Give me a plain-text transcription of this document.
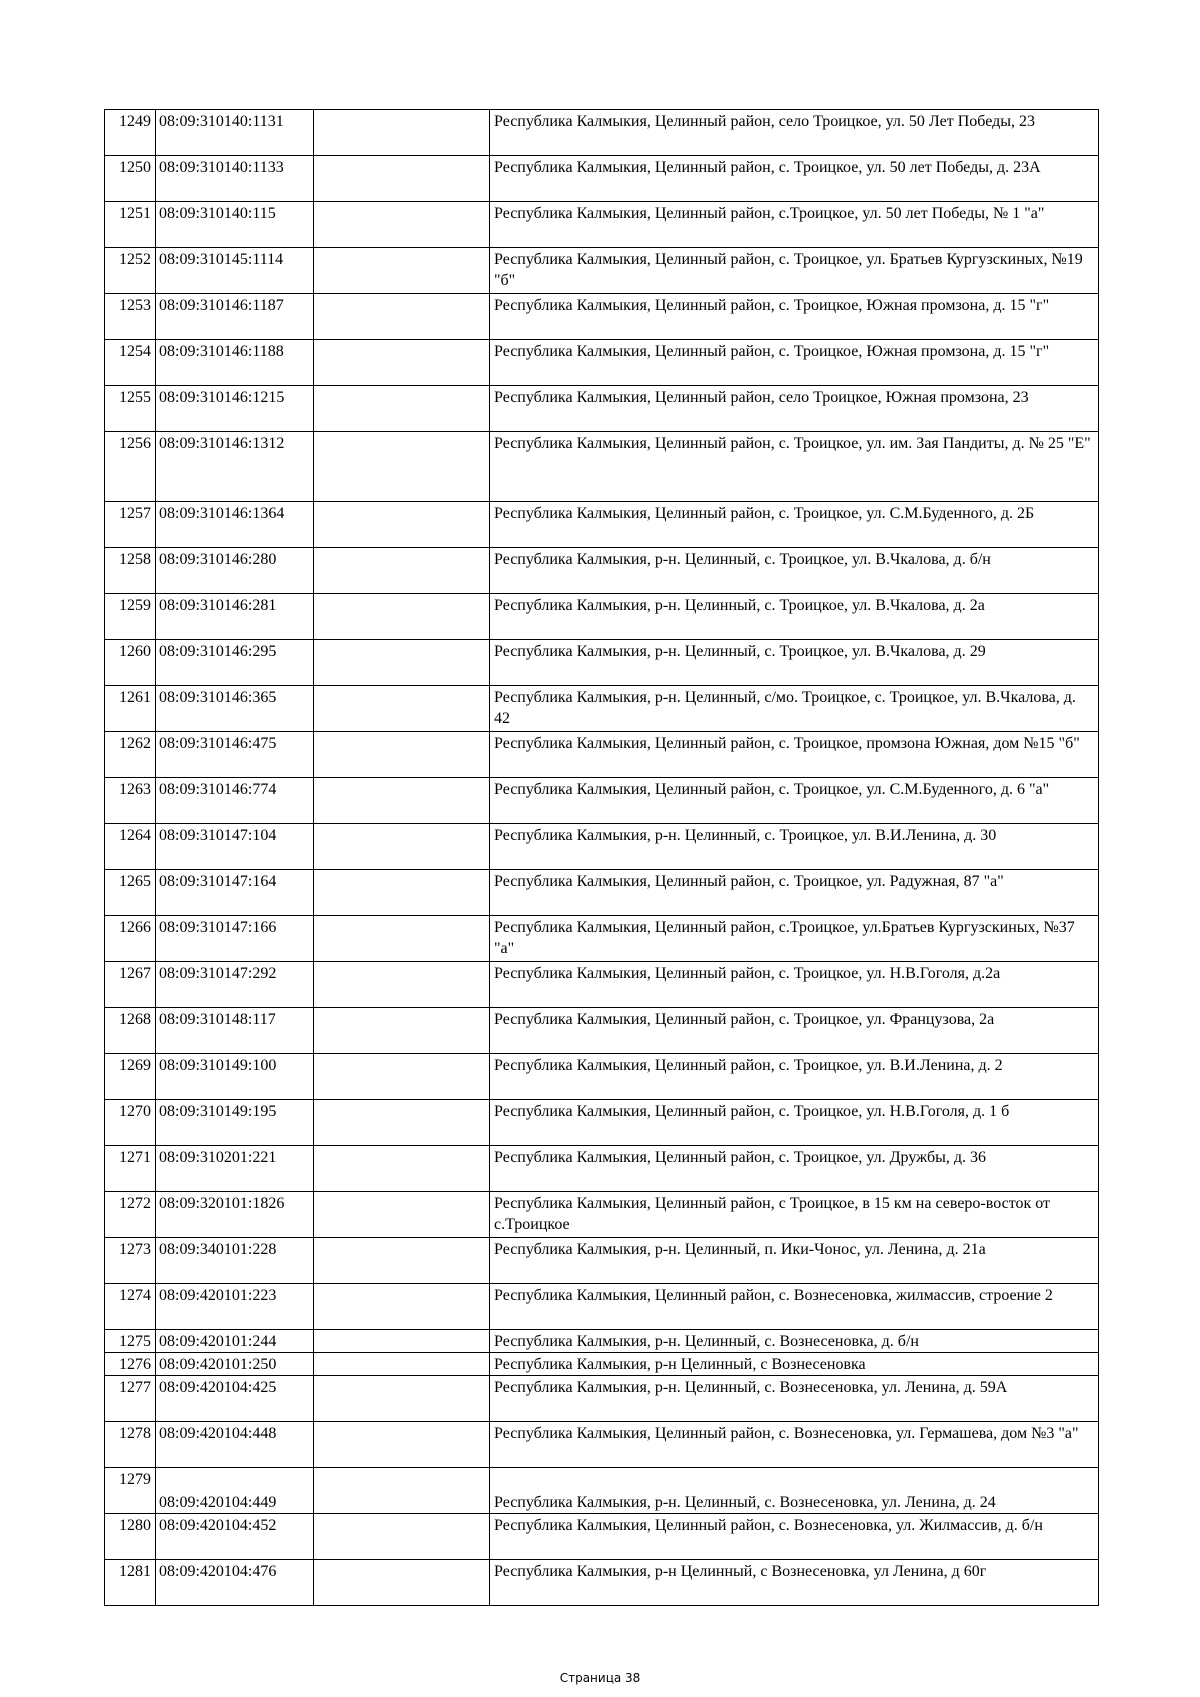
1249	08:09:310140:1131		Республика Калмыкия, Целинный район, село Троицкое, ул. 50 Лет Победы, 23
1250	08:09:310140:1133		Республика Калмыкия, Целинный район, с. Троицкое, ул. 50 лет Победы, д. 23А
1251	08:09:310140:115		Республика Калмыкия, Целинный район, с.Троицкое, ул. 50 лет Победы, № 1 "а"
1252	08:09:310145:1114		Республика Калмыкия, Целинный район, с. Троицкое, ул. Братьев Кургузскиных, №19 "б"
1253	08:09:310146:1187		Республика Калмыкия, Целинный район, с. Троицкое, Южная промзона, д. 15 "г"
1254	08:09:310146:1188		Республика Калмыкия, Целинный район, с. Троицкое, Южная промзона, д. 15 "г"
1255	08:09:310146:1215		Республика Калмыкия, Целинный район, село Троицкое, Южная промзона, 23
1256	08:09:310146:1312		Республика Калмыкия, Целинный район, с. Троицкое, ул. им. Зая Пандиты, д. № 25 "Е"
1257	08:09:310146:1364		Республика Калмыкия, Целинный район, с. Троицкое, ул. С.М.Буденного, д. 2Б
1258	08:09:310146:280		Республика Калмыкия, р-н. Целинный, с. Троицкое, ул. В.Чкалова, д. б/н
1259	08:09:310146:281		Республика Калмыкия, р-н. Целинный, с. Троицкое, ул. В.Чкалова, д. 2а
1260	08:09:310146:295		Республика Калмыкия, р-н. Целинный, с. Троицкое, ул. В.Чкалова, д. 29
1261	08:09:310146:365		Республика Калмыкия, р-н. Целинный, с/мо. Троицкое, с. Троицкое, ул. В.Чкалова, д. 42
1262	08:09:310146:475		Республика Калмыкия, Целинный район, с. Троицкое, промзона Южная, дом №15 "б"
1263	08:09:310146:774		Республика Калмыкия, Целинный район, с. Троицкое, ул. С.М.Буденного, д. 6 "а"
1264	08:09:310147:104		Республика Калмыкия, р-н. Целинный, с. Троицкое, ул. В.И.Ленина, д. 30
1265	08:09:310147:164		Республика Калмыкия, Целинный район, с. Троицкое, ул. Радужная, 87 "а"
1266	08:09:310147:166		Республика Калмыкия, Целинный район, с.Троицкое, ул.Братьев Кургузскиных, №37 "а"
1267	08:09:310147:292		Республика Калмыкия, Целинный район, с. Троицкое, ул. Н.В.Гоголя, д.2а
1268	08:09:310148:117		Республика Калмыкия, Целинный район, с. Троицкое, ул. Французова, 2а
1269	08:09:310149:100		Республика Калмыкия, Целинный район, с. Троицкое, ул. В.И.Ленина, д. 2
1270	08:09:310149:195		Республика Калмыкия, Целинный район, с. Троицкое, ул. Н.В.Гоголя, д. 1 б
1271	08:09:310201:221		Республика Калмыкия, Целинный район, с. Троицкое, ул. Дружбы, д. 36
1272	08:09:320101:1826		Республика Калмыкия, Целинный район, с Троицкое, в 15 км на северо-восток от с.Троицкое
1273	08:09:340101:228		Республика Калмыкия, р-н. Целинный, п. Ики-Чонос, ул. Ленина, д. 21а
1274	08:09:420101:223		Республика Калмыкия, Целинный район, с. Вознесеновка, жилмассив, строение 2
1275	08:09:420101:244		Республика Калмыкия, р-н. Целинный, с. Вознесеновка, д. б/н
1276	08:09:420101:250		Республика Калмыкия, р-н Целинный, с Вознесеновка
1277	08:09:420104:425		Республика Калмыкия, р-н. Целинный, с. Вознесеновка, ул. Ленина, д. 59А
1278	08:09:420104:448		Республика Калмыкия, Целинный район, с. Вознесеновка, ул. Гермашева, дом №3 "а"
1279	08:09:420104:449		Республика Калмыкия, р-н. Целинный, с. Вознесеновка, ул. Ленина, д. 24
1280	08:09:420104:452		Республика Калмыкия, Целинный район, с. Вознесеновка, ул. Жилмассив, д. б/н
1281	08:09:420104:476		Республика Калмыкия, р-н Целинный, с Вознесеновка, ул Ленина, д 60г
Страница 38
